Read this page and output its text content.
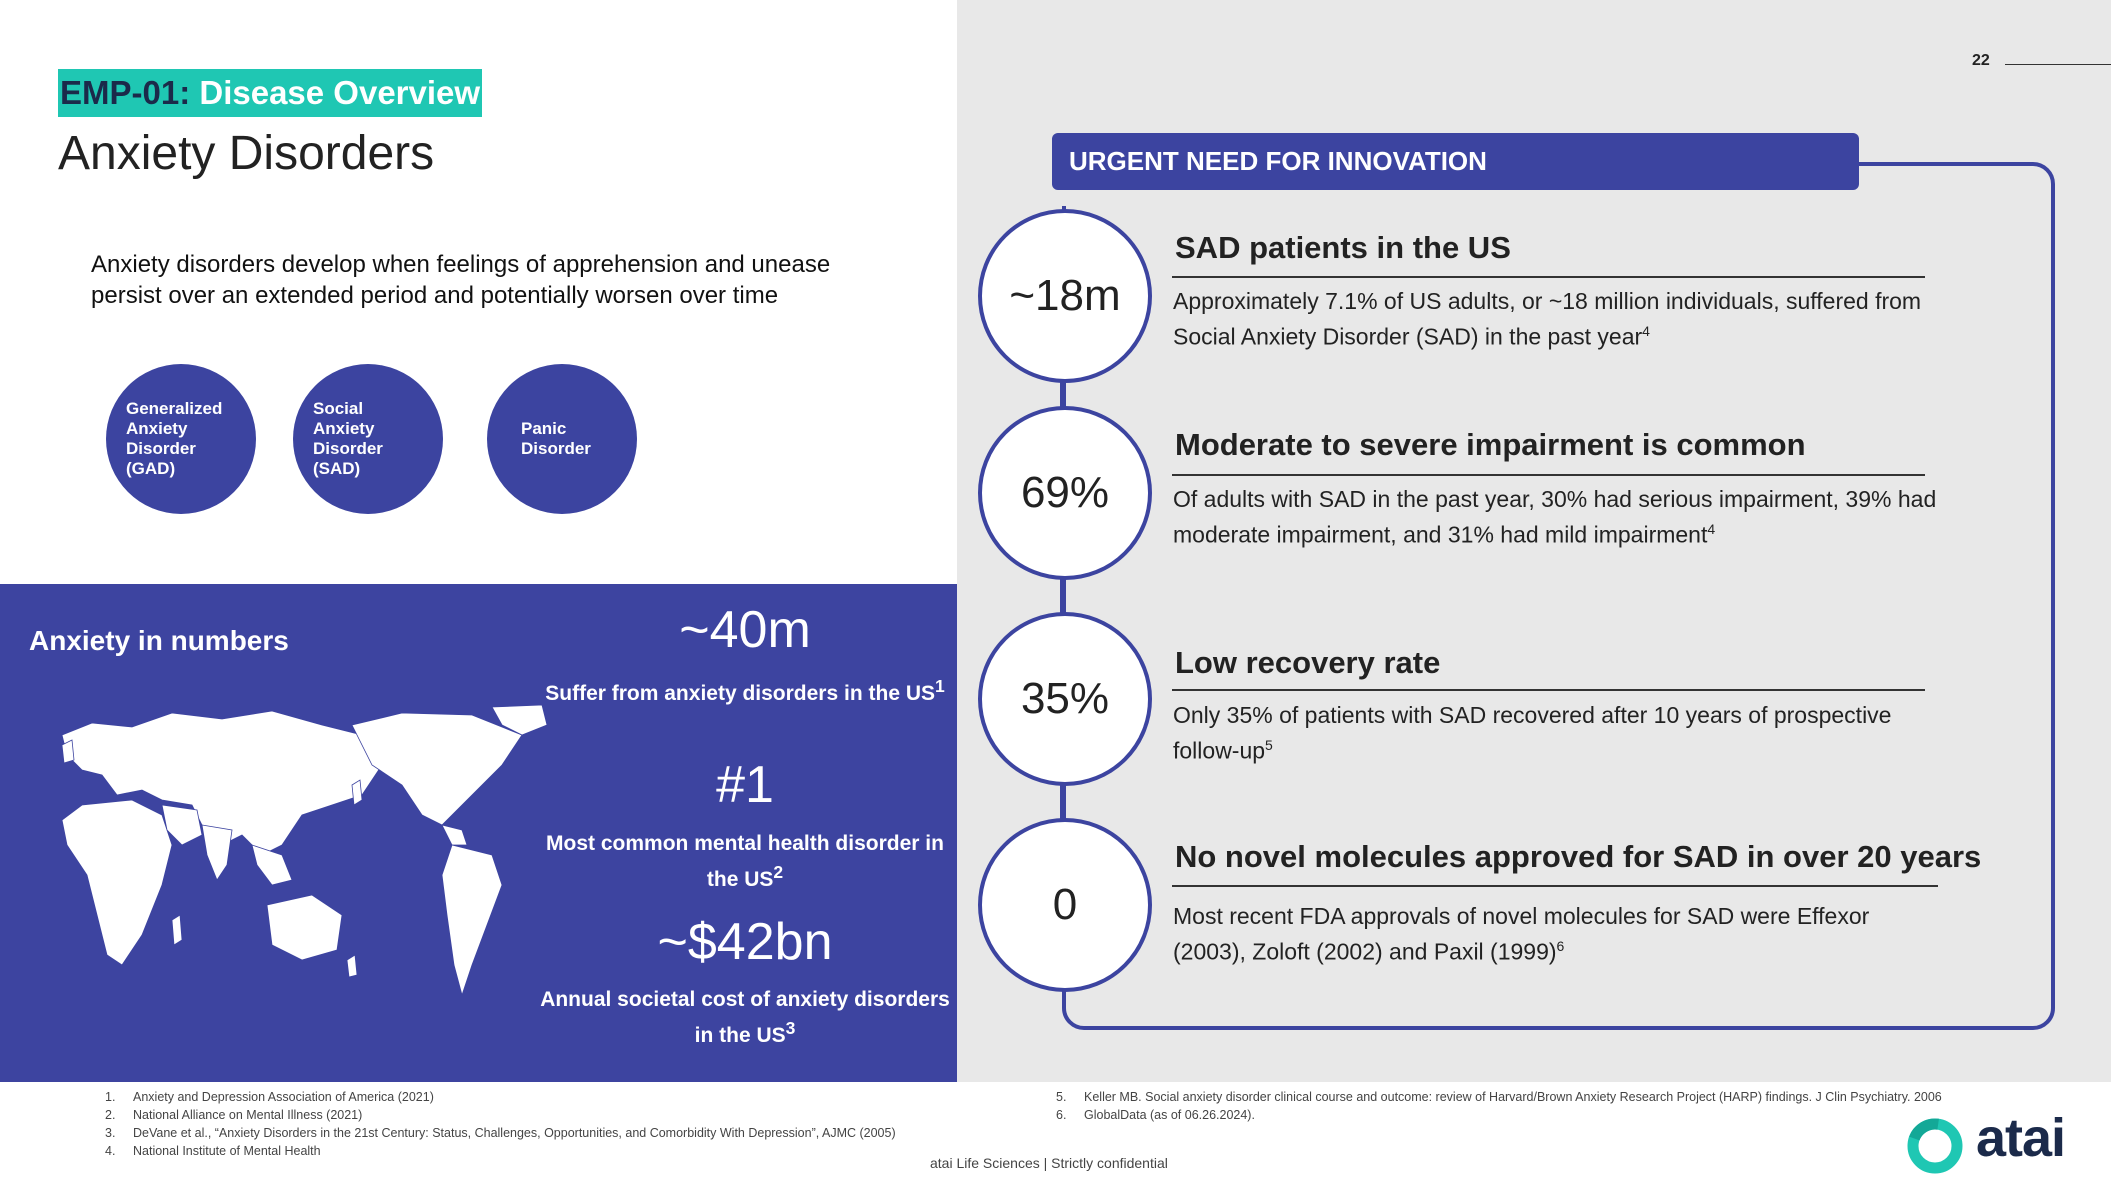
22
EMP-01: Disease Overview
Anxiety Disorders
Anxiety disorders develop when feelings of apprehension and unease persist over an extended period and potentially worsen over time
Generalized
Anxiety
Disorder
(GAD)
Social
Anxiety
Disorder
(SAD)
Panic
Disorder
Anxiety in numbers	~40m
Suffer from anxiety disorders in the $US^1$
#1
Most common mental health disorder in the $US^2$
~$42bn
Annual societal cost of anxiety disorders in the $US^3$
URGENT NEED FOR INNOVATION
~18m
SAD patients in the US
Approximately 7.1% of US adults, or ~18 million individuals, suffered from Social Anxiety Disorder (SAD) in the past year$^4$
69%
Moderate to severe impairment is common
Of adults with SAD in the past year, 30% had serious impairment, 39% had moderate impairment, and 31% had mild impairment$^4$
35%
Low recovery rate
Only 35% of patients with SAD recovered after 10 years of prospective follow-$up^5$
0
No novel molecules approved for SAD in over 20 years
Most recent FDA approvals of novel molecules for SAD were Effexor (2003), Zoloft (2002) and Paxil $(1999)^6$
1.	Anxiety and Depression Association of America (2021)
2.	National Alliance on Mental Illness (2021)
3.	DeVane et al., “Anxiety Disorders in the 21st Century: Status, Challenges, Opportunities, and Comorbidity With Depression”, AJMC (2005)
4.	National Institute of Mental Health
5.	Keller MB. Social anxiety disorder clinical course and outcome: review of Harvard/Brown Anxiety Research Project (HARP) findings. J Clin Psychiatry. 2006
6.	GlobalData (as of 06.26.2024).
atai Life Sciences | Strictly confidential	atai
